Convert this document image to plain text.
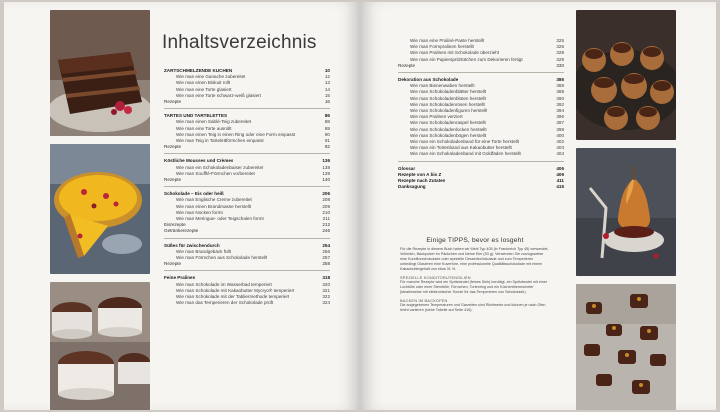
Inhaltsverzeichnis
ZARTSCHMELZENDE KUCHEN	10
Wie man eine Ganache zubereitet	12
Wie man einen Biskuit rollt	13
Wie man eine Torte glasiert	14
Wie man eine Torte schwarz-weiß glasiert	15
Rezepte	16
TARTES UND TARTELETTES	86
Wie man einen Sablé-Teig zubereitet	88
Wie man eine Torte ausrollt	89
Wie man einen Teig in einen Ring oder eine Form einpasst	90
Wie man Teig in Tartelettförmchen einpasst	91
Rezepte	92
Köstliche Mousses und Crèmes	136
Wie man ein Schokoladenbaiser zubereitet	138
Wie man Soufflé-Förmchen vorbereitet	139
Rezepte	140
Schokolade – Eis oder heiß	206
Wie man Englische Creme zubereitet	208
Wie man einen Brandmasse herstellt	209
Wie man Nocken formt	210
Wie man Meringue- oder Teigschalen formt	211
Eisrezepte	212
Getränkerezepte	246
Süßes für zwischendurch	254
Wie man Brandgebäck füllt	256
Wie man Förmchen aus Schokolade herstellt	257
Rezepte	258
Feine Pralinen	318
Wie man Schokolade im Wasserbad temperiert	320
Wie man Schokolade mit Kakaobutter Mycryo® temperiert	321
Wie man Schokolade mit der Tabliermethode temperiert	322
Wie man das Temperieren der Schokolade prüft	324
Wie man eine Praliné-Paste herstellt	325
Wie man Formpralinen herstellt	326
Wie man Pralinen mit Schokolade überzieht	328
Wie man ein Papierspritztütchen zum Dekorieren fertigt	329
Rezepte	330
Dekoration aus Schokolade	386
Wie man Bienenwaben herstellt	388
Wie man Schokoladenblätter herstellt	389
Wie man Schokoladenblüten herstellt	390
Wie man Schokoladenrosen herstellt	392
Wie man Schokoladenfiguren herstellt	394
Wie man Pralinen verziert	396
Wie man Schokoladenraspel herstellt	397
Wie man Schokoladenlocken herstellt	398
Wie man Schokoladenbögen herstellt	400
Wie man ein Schokoladenband für eine Torte herstellt	402
Wie man ein Tortenband aus Kakaobutter herstellt	403
Wie man ein Schokoladenband mit Goldfäden herstellt	404
Glossar	406
Rezepte von A bis Z	409
Rezepte nach Zutaten	411
Danksagung	415
Einige TIPPS, bevor es losgeht

Für die Rezepte in diesem Buch haben wir Mehl Typ 405 (in Frankreich Typ 45) verwendet, Vollmilch, Backpulver im Päckchen und kleine Eier (53 g). Verwenden Sie vorzugsweise eine Konditorschokolade oder spezielle Dessertschokolade und zum Temperieren unbedingt Glasieren eine Kuvertüre, eine professionelle Qualitätsschokolade mit einem Kakaobuttergehalt von etwa 31 %.

SPEZIELLE KONDITORUTENSILIEN

Für manche Rezepte wird ein Spritzbeutel (feines Sieb) benötigt, ein Spritzbeutel mit einer Lochtülle oder einer Sterntülle, Förmchen, Tortenring und ein Küchenthermometer (idealerweise mit elektronischer Sonde für das Temperieren von Schokolade).

BACKEN IM BACKOFEN

Die angegebenen Temperaturen und Garzeiten sind Richtwerte und können je nach Ofen leicht variieren (siehe Tabelle auf Seite 416).
